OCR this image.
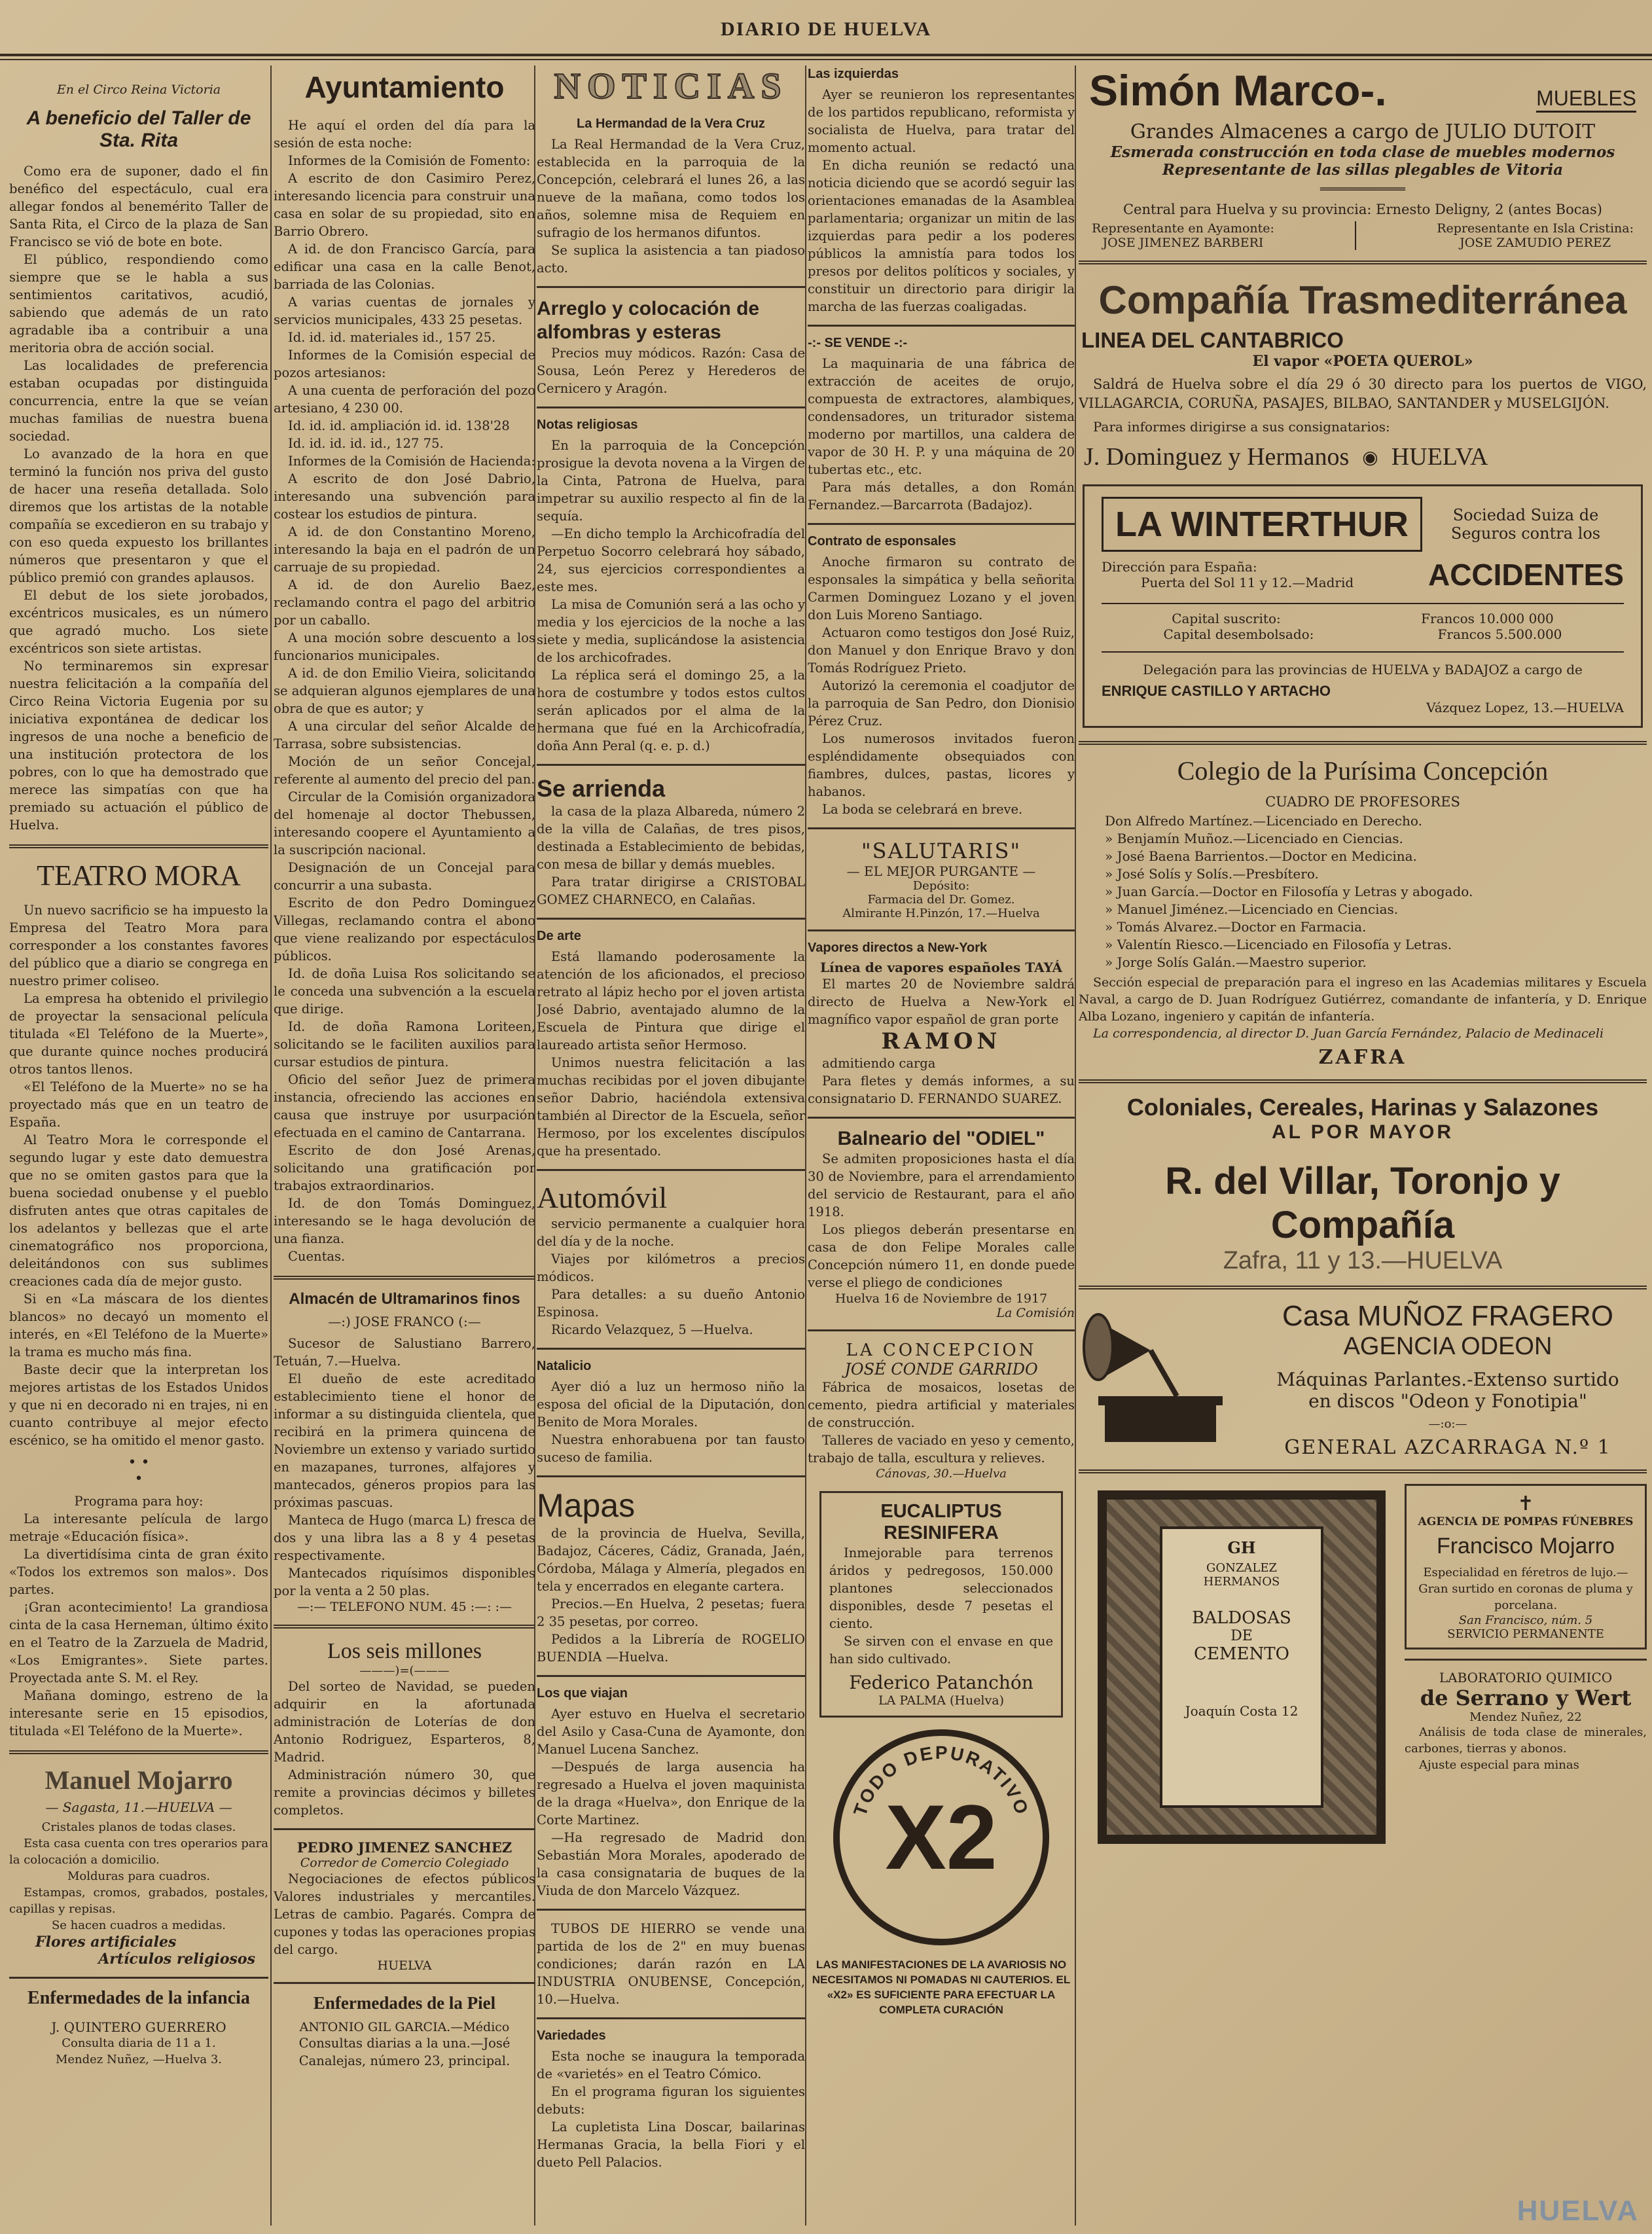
DIARIO DE HUELVA
En el Circo Reina Victoria
A beneficio del Taller de Sta. Rita

Como era de suponer, dado el fin benéfico del espectáculo, cual era allegar fondos al benemérito Taller de Santa Rita, el Circo de la plaza de San Francisco se vió de bote en bote.

El público, respondiendo como siempre que se le habla a sus sentimientos caritativos, acudió, sabiendo que además de un rato agradable iba a contribuir a una meritoria obra de acción social.

Las localidades de preferencia estaban ocupadas por distinguida concurrencia, entre la que se veían muchas familias de nuestra buena sociedad.

Lo avanzado de la hora en que terminó la función nos priva del gusto de hacer una reseña detallada. Solo diremos que los artistas de la notable compañía se excedieron en su trabajo y con eso queda expuesto los brillantes números que presentaron y que el público premió con grandes aplausos.

El debut de los siete jorobados, excéntricos musicales, es un número que agradó mucho. Los siete excéntricos son siete artistas.

No terminaremos sin expresar nuestra felicitación a la compañía del Circo Reina Victoria Eugenia por su iniciativa expontánea de dedicar los ingresos de una noche a beneficio de una institución protectora de los pobres, con lo que ha demostrado que merece las simpatías con que ha premiado su actuación el público de Huelva.

TEATRO MORA

Un nuevo sacrificio se ha impuesto la Empresa del Teatro Mora para corresponder a los constantes favores del público que a diario se congrega en nuestro primer coliseo.

La empresa ha obtenido el privilegio de proyectar la sensacional película titulada «El Teléfono de la Muerte», que durante quince noches producirá otros tantos llenos.

«El Teléfono de la Muerte» no se ha proyectado más que en un teatro de España.

Al Teatro Mora le corresponde el segundo lugar y este dato demuestra que no se omiten gastos para que la buena sociedad onubense y el pueblo disfruten antes que otras capitales de los adelantos y bellezas que el arte cinematográfico nos proporciona, deleitándonos con sus sublimes creaciones cada día de mejor gusto.

Si en «La máscara de los dientes blancos» no decayó un momento el interés, en «El Teléfono de la Muerte» la trama es mucho más fina.

Baste decir que la interpretan los mejores artistas de los Estados Unidos y que ni en decorado ni en trajes, ni en cuanto contribuye al mejor efecto escénico, se ha omitido el menor gasto.

• •
•

Programa para hoy:

La interesante película de largo metraje «Educación física».

La divertidísima cinta de gran éxito «Todos los extremos son malos». Dos partes.

¡Gran acontecimiento! La grandiosa cinta de la casa Herneman, último éxito en el Teatro de la Zarzuela de Madrid, «Los Emigrantes». Siete partes. Proyectada ante S. M. el Rey.

Mañana domingo, estreno de la interesante serie en 15 episodios, titulada «El Teléfono de la Muerte».

Manuel Mojarro
— Sagasta, 11.—HUELVA —

Cristales planos de todas clases.

Esta casa cuenta con tres operarios para la colocación a domicilio.

Molduras para cuadros.

Estampas, cromos, grabados, postales, capillas y repisas.

Se hacen cuadros a medidas.

Flores artificiales
Artículos religiosos
Enfermedades de la infancia
J. QUINTERO GUERRERO

Consulta diaria de 11 a 1.

Mendez Nuñez, —Huelva 3.

Ayuntamiento

He aquí el orden del día para la sesión de esta noche:

Informes de la Comisión de Fomento:

A escrito de don Casimiro Perez, interesando licencia para construir una casa en solar de su propiedad, sito en Barrio Obrero.

A id. de don Francisco García, para edificar una casa en la calle Benot, barriada de las Colonias.

A varias cuentas de jornales y servicios municipales, 433 25 pesetas.

Id. id. id. materiales id., 157 25.

Informes de la Comisión especial de pozos artesianos:

A una cuenta de perforación del pozo artesiano, 4 230 00.

Id. id. id. ampliación id. id. 138'28

Id. id. id. id. id., 127 75.

Informes de la Comisión de Hacienda:

A escrito de don José Dabrio, interesando una subvención para costear los estudios de pintura.

A id. de don Constantino Moreno, interesando la baja en el padrón de un carruaje de su propiedad.

A id. de don Aurelio Baez, reclamando contra el pago del arbitrio por un caballo.

A una moción sobre descuento a los funcionarios municipales.

A id. de don Emilio Vieira, solicitando se adquieran algunos ejemplares de una obra de que es autor; y

A una circular del señor Alcalde de Tarrasa, sobre subsistencias.

Moción de un señor Concejal, referente al aumento del precio del pan.

Circular de la Comisión organizadora del homenaje al doctor Thebussen, interesando coopere el Ayuntamiento a la suscripción nacional.

Designación de un Concejal para concurrir a una subasta.

Escrito de don Pedro Dominguez Villegas, reclamando contra el abono que viene realizando por espectáculos públicos.

Id. de doña Luisa Ros solicitando se le conceda una subvención a la escuela que dirige.

Id. de doña Ramona Loriteen, solicitando se le faciliten auxilios para cursar estudios de pintura.

Oficio del señor Juez de primera instancia, ofreciendo las acciones en causa que instruye por usurpación efectuada en el camino de Cantarrana.

Escrito de don José Arenas, solicitando una gratificación por trabajos extraordinarios.

Id. de don Tomás Dominguez, interesando se le haga devolución de una fianza.

Cuentas.

Almacén de Ultramarinos finos
—:) JOSE FRANCO (:—

Sucesor de Salustiano Barrero, Tetuán, 7.—Huelva.

El dueño de este acreditado establecimiento tiene el honor de informar a su distinguida clientela, que recibirá en la primera quincena de Noviembre un extenso y variado surtido en mazapanes, turrones, alfajores y mantecados, géneros propios para las próximas pascuas.

Manteca de Hugo (marca L) fresca de dos y una libra las a 8 y 4 pesetas respectivamente.

Mantecados riquísimos disponibles por la venta a 2 50 plas.

—:— TELEFONO NUM. 45 :—: :—
Los seis millones
———)=(———

Del sorteo de Navidad, se pueden adquirir en la afortunada administración de Loterías de don Antonio Rodriguez, Esparteros, 8, Madrid.

Administración número 30, que remite a provincias décimos y billetes completos.

PEDRO JIMENEZ SANCHEZ
Corredor de Comercio Colegiado

Negociaciones de efectos públicos Valores industriales y mercantiles. Letras de cambio. Pagarés. Compra de cupones y todas las operaciones propias del cargo.

HUELVA
Enfermedades de la Piel
ANTONIO GIL GARCIA.—Médico

Consultas diarias a la una.—José Canalejas, número 23, principal.

NOTICIAS
La Hermandad de la Vera Cruz

La Real Hermandad de la Vera Cruz, establecida en la parroquia de la Concepción, celebrará el lunes 26, a las nueve de la mañana, como todos los años, solemne misa de Requiem en sufragio de los hermanos difuntos.

Se suplica la asistencia a tan piadoso acto.

Arreglo y colocación de alfombras y esteras

Precios muy módicos. Razón: Casa de Sousa, León Perez y Herederos de Cernicero y Aragón.

Notas religiosas

En la parroquia de la Concepción prosigue la devota novena a la Virgen de la Cinta, Patrona de Huelva, para impetrar su auxilio respecto al fin de la sequía.

—En dicho templo la Archicofradía del Perpetuo Socorro celebrará hoy sábado, 24, sus ejercicios correspondientes a este mes.

La misa de Comunión será a las ocho y media y los ejercicios de la noche a las siete y media, suplicándose la asistencia de los archicofrades.

La réplica será el domingo 25, a la hora de costumbre y todos estos cultos serán aplicados por el alma de la hermana que fué en la Archicofradía, doña Ann Peral (q. e. p. d.)

Se arrienda

la casa de la plaza Albareda, número 2 de la villa de Calañas, de tres pisos, destinada a Establecimiento de bebidas, con mesa de billar y demás muebles.

Para tratar dirigirse a CRISTOBAL GOMEZ CHARNECO, en Calañas.

De arte

Está llamando poderosamente la atención de los aficionados, el precioso retrato al lápiz hecho por el joven artista José Dabrio, aventajado alumno de la Escuela de Pintura que dirige el laureado artista señor Hermoso.

Unimos nuestra felicitación a las muchas recibidas por el joven dibujante señor Dabrio, haciéndola extensiva también al Director de la Escuela, señor Hermoso, por los excelentes discípulos que ha presentado.

Automóvil

servicio permanente a cualquier hora del día y de la noche.

Viajes por kilómetros a precios módicos.

Para detalles: a su dueño Antonio Espinosa.

Ricardo Velazquez, 5 —Huelva.

Natalicio

Ayer dió a luz un hermoso niño la esposa del oficial de la Diputación, don Benito de Mora Morales.

Nuestra enhorabuena por tan fausto suceso de familia.

Mapas

de la provincia de Huelva, Sevilla, Badajoz, Cáceres, Cádiz, Granada, Jaén, Córdoba, Málaga y Almería, plegados en tela y encerrados en elegante cartera.

Precios.—En Huelva, 2 pesetas; fuera 2 35 pesetas, por correo.

Pedidos a la Librería de ROGELIO BUENDIA —Huelva.

Los que viajan

Ayer estuvo en Huelva el secretario del Asilo y Casa-Cuna de Ayamonte, don Manuel Lucena Sanchez.

—Después de larga ausencia ha regresado a Huelva el joven maquinista de la draga «Huelva», don Enrique de la Corte Martinez.

—Ha regresado de Madrid don Sebastián Mora Morales, apoderado de la casa consignataria de buques de la Viuda de don Marcelo Vázquez.

TUBOS DE HIERRO se vende una partida de los de 2" en muy buenas condiciones; darán razón en LA INDUSTRIA ONUBENSE, Concepción, 10.—Huelva.

Variedades

Esta noche se inaugura la temporada de «varietés» en el Teatro Cómico.

En el programa figuran los siguientes debuts:

La cupletista Lina Doscar, bailarinas Hermanas Gracia, la bella Fiori y el dueto Pell Palacios.

Las izquierdas

Ayer se reunieron los representantes de los partidos republicano, reformista y socialista de Huelva, para tratar del momento actual.

En dicha reunión se redactó una noticia diciendo que se acordó seguir las orientaciones emanadas de la Asamblea parlamentaria; organizar un mitin de las izquierdas para pedir a los poderes públicos la amnistía para todos los presos por delitos políticos y sociales, y constituir un directorio para dirigir la marcha de las fuerzas coaligadas.

-:- SE VENDE -:-

La maquinaria de una fábrica de extracción de aceites de orujo, compuesta de extractores, alambiques, condensadores, un triturador sistema moderno por martillos, una caldera de vapor de 30 H. P. y una máquina de 20 tubertas etc., etc.

Para más detalles, a don Román Fernandez.—Barcarrota (Badajoz).

Contrato de esponsales

Anoche firmaron su contrato de esponsales la simpática y bella señorita Carmen Dominguez Lozano y el joven don Luis Moreno Santiago.

Actuaron como testigos don José Ruiz, don Manuel y don Enrique Bravo y don Tomás Rodríguez Prieto.

Autorizó la ceremonia el coadjutor de la parroquia de San Pedro, don Dionisio Pérez Cruz.

Los numerosos invitados fueron espléndidamente obsequiados con fiambres, dulces, pastas, licores y habanos.

La boda se celebrará en breve.

"SALUTARIS"
— EL MEJOR PURGANTE —
Depósito:
Farmacia del Dr. Gomez.
Almirante H.Pinzón, 17.—Huelva
Vapores directos a New-York
Línea de vapores españoles TAYÁ

El martes 20 de Noviembre saldrá directo de Huelva a New-York el magnífico vapor español de gran porte

RAMON

admitiendo carga

Para fletes y demás informes, a su consignatario D. FERNANDO SUAREZ.

Balneario del "ODIEL"

Se admiten proposiciones hasta el día 30 de Noviembre, para el arrendamiento del servicio de Restaurant, para el año 1918.

Los pliegos deberán presentarse en casa de don Felipe Morales calle Concepción número 11, en donde puede verse el pliego de condiciones

Huelva 16 de Noviembre de 1917
La Comisión
LA CONCEPCION
JOSÉ CONDE GARRIDO

Fábrica de mosaicos, losetas de cemento, piedra artificial y materiales de construcción.

Talleres de vaciado en yeso y cemento, trabajo de talla, escultura y relieves.

Cánovas, 30.—Huelva
EUCALIPTUS RESINIFERA

Inmejorable para terrenos áridos y pedregosos, 150.000 plantones seleccionados disponibles, desde 7 pesetas el ciento.

Se sirven con el envase en que han sido cultivado.

Federico Patanchón
LA PALMA (Huelva)
TODO DEPURATIVO
X2

LAS MANIFESTACIONES DE LA AVARIOSIS NO NECESITAMOS NI POMADAS NI CAUTERIOS. EL «X2» ES SUFICIENTE PARA EFECTUAR LA COMPLETA CURACIÓN

Simón Marco-.	MUEBLES
Grandes Almacenes a cargo de JULIO DUTOIT
Esmerada construcción en toda clase de muebles modernos
Representante de las sillas plegables de Vitoria
════════════
Central para Huelva y su provincia: Ernesto Deligny, 2 (antes Bocas)
Representante en Ayamonte:
JOSE JIMENEZ BARBERI
Representante en Isla Cristina:
JOSE ZAMUDIO PEREZ
Compañía Trasmediterránea
LINEA DEL CANTABRICO
El vapor «POETA QUEROL»

Saldrá de Huelva sobre el día 29 ó 30 directo para los puertos de VIGO, VILLAGARCIA, CORUÑA, PASAJES, BILBAO, SANTANDER y MUSELGIJÓN.

Para informes dirigirse a sus consignatarios:

J. Dominguez y Hermanos ◉ HUELVA
LA WINTERTHUR	Sociedad Suiza de Seguros contra los
Dirección para España:
Puerta del Sol 11 y 12.—Madrid ACCIDENTES
Capital suscrito:	Francos 10.000 000
Capital desembolsado:	Francos 5.500.000
Delegación para las provincias de HUELVA y BADAJOZ a cargo de
ENRIQUE CASTILLO Y ARTACHO
Vázquez Lopez, 13.—HUELVA
Colegio de la Purísima Concepción
CUADRO DE PROFESORES
Don Alfredo Martínez.—Licenciado en Derecho.
» Benjamín Muñoz.—Licenciado en Ciencias.
» José Baena Barrientos.—Doctor en Medicina.
» José Solís y Solís.—Presbítero.
» Juan García.—Doctor en Filosofía y Letras y abogado.
» Manuel Jiménez.—Licenciado en Ciencias.
» Tomás Alvarez.—Doctor en Farmacia.
» Valentín Riesco.—Licenciado en Filosofía y Letras.
» Jorge Solís Galán.—Maestro superior.

Sección especial de preparación para el ingreso en las Academias militares y Escuela Naval, a cargo de D. Juan Rodríguez Gutiérrez, comandante de infantería, y D. Enrique Alba Lozano, ingeniero y capitán de infantería.

La correspondencia, al director D. Juan García Fernández, Palacio de Medinaceli

ZAFRA
Coloniales, Cereales, Harinas y Salazones
AL POR MAYOR
R. del Villar, Toronjo y Compañía
Zafra, 11 y 13.—HUELVA
Casa MUÑOZ FRAGERO
AGENCIA ODEON
Máquinas Parlantes.-Extenso surtido
en discos "Odeon y Fonotipia"
—:o:—
GENERAL AZCARRAGA N.º 1
GH
GONZALEZ HERMANOS
BALDOSAS
DE
CEMENTO
Joaquín Costa 12
✝
AGENCIA DE POMPAS FÚNEBRES
Francisco Mojarro

Especialidad en féretros de lujo.—Gran surtido en coronas de pluma y porcelana.

San Francisco, núm. 5
SERVICIO PERMANENTE
LABORATORIO QUIMICO
de Serrano y Wert
Mendez Nuñez, 22

Análisis de toda clase de minerales, carbones, tierras y abonos.

Ajuste especial para minas

HUELVA
